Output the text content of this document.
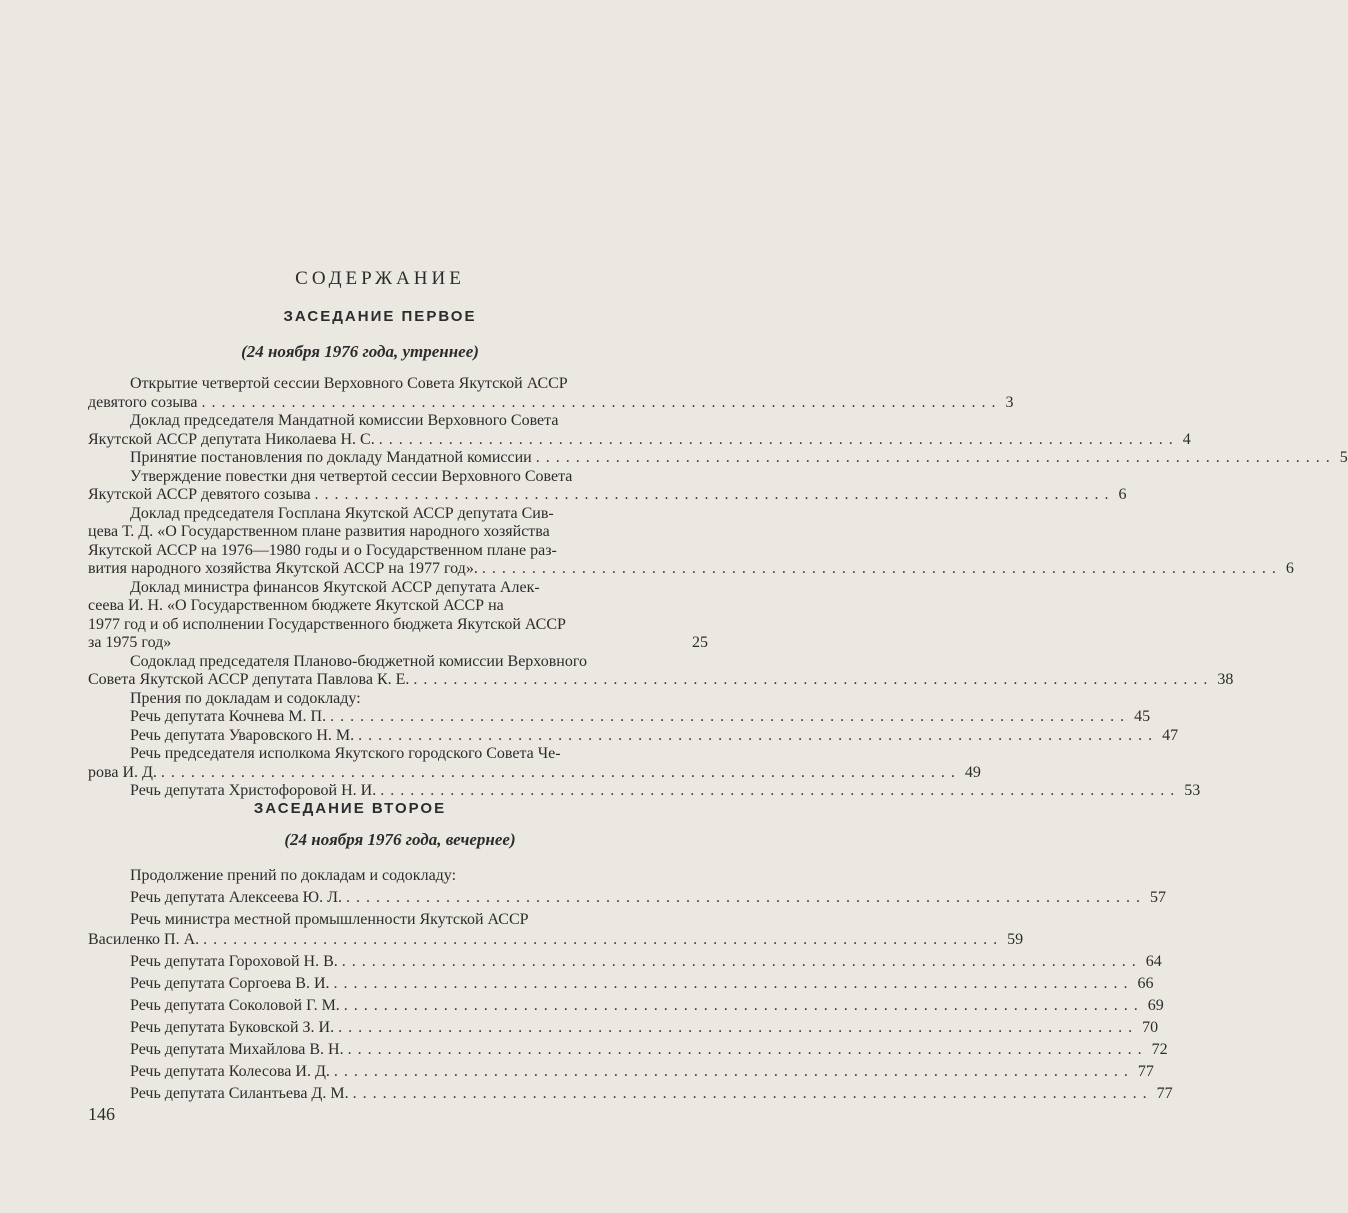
СОДЕРЖАНИЕ
ЗАСЕДАНИЕ ПЕРВОЕ
(24 ноября 1976 года, утреннее)
Открытие четвертой сессии Верховного Совета Якутской АССР
девятого созыва ................................................................................ 3
Доклад председателя Мандатной комиссии Верховного Совета
Якутской АССР депутата Николаева Н. С. ................................................................................ 4
Принятие постановления по докладу Мандатной комиссии ................................................................................ 5
Утверждение повестки дня четвертой сессии Верховного Совета
Якутской АССР девятого созыва ................................................................................ 6
Доклад председателя Госплана Якутской АССР депутата Сив-
цева Т. Д. «О Государственном плане развития народного хозяйства
Якутской АССР на 1976—1980 годы и о Государственном плане раз-
вития народного хозяйства Якутской АССР на 1977 год». ................................................................................ 6
Доклад министра финансов Якутской АССР депутата Алек-
сеева И. Н. «О Государственном бюджете Якутской АССР на
1977 год и об исполнении Государственного бюджета Якутской АССР
за 1975 год»	25
Содоклад председателя Планово-бюджетной комиссии Верховного
Совета Якутской АССР депутата Павлова К. Е. ................................................................................ 38
Прения по докладам и содокладу:
Речь депутата Кочнева М. П. ................................................................................ 45
Речь депутата Уваровского Н. М. ................................................................................ 47
Речь председателя исполкома Якутского городского Совета Че-
рова И. Д. ................................................................................ 49
Речь депутата Христофоровой Н. И. ................................................................................ 53
ЗАСЕДАНИЕ ВТОРОЕ
(24 ноября 1976 года, вечернее)
Продолжение прений по докладам и содокладу:
Речь депутата Алексеева Ю. Л. ................................................................................ 57
Речь министра местной промышленности Якутской АССР
Василенко П. А. ................................................................................ 59
Речь депутата Гороховой Н. В. ................................................................................ 64
Речь депутата Соргоева В. И. ................................................................................ 66
Речь депутата Соколовой Г. М. ................................................................................ 69
Речь депутата Буковской З. И. ................................................................................ 70
Речь депутата Михайлова В. Н. ................................................................................ 72
Речь депутата Колесова И. Д. ................................................................................ 77
Речь депутата Силантьева Д. М. ................................................................................ 77
146
